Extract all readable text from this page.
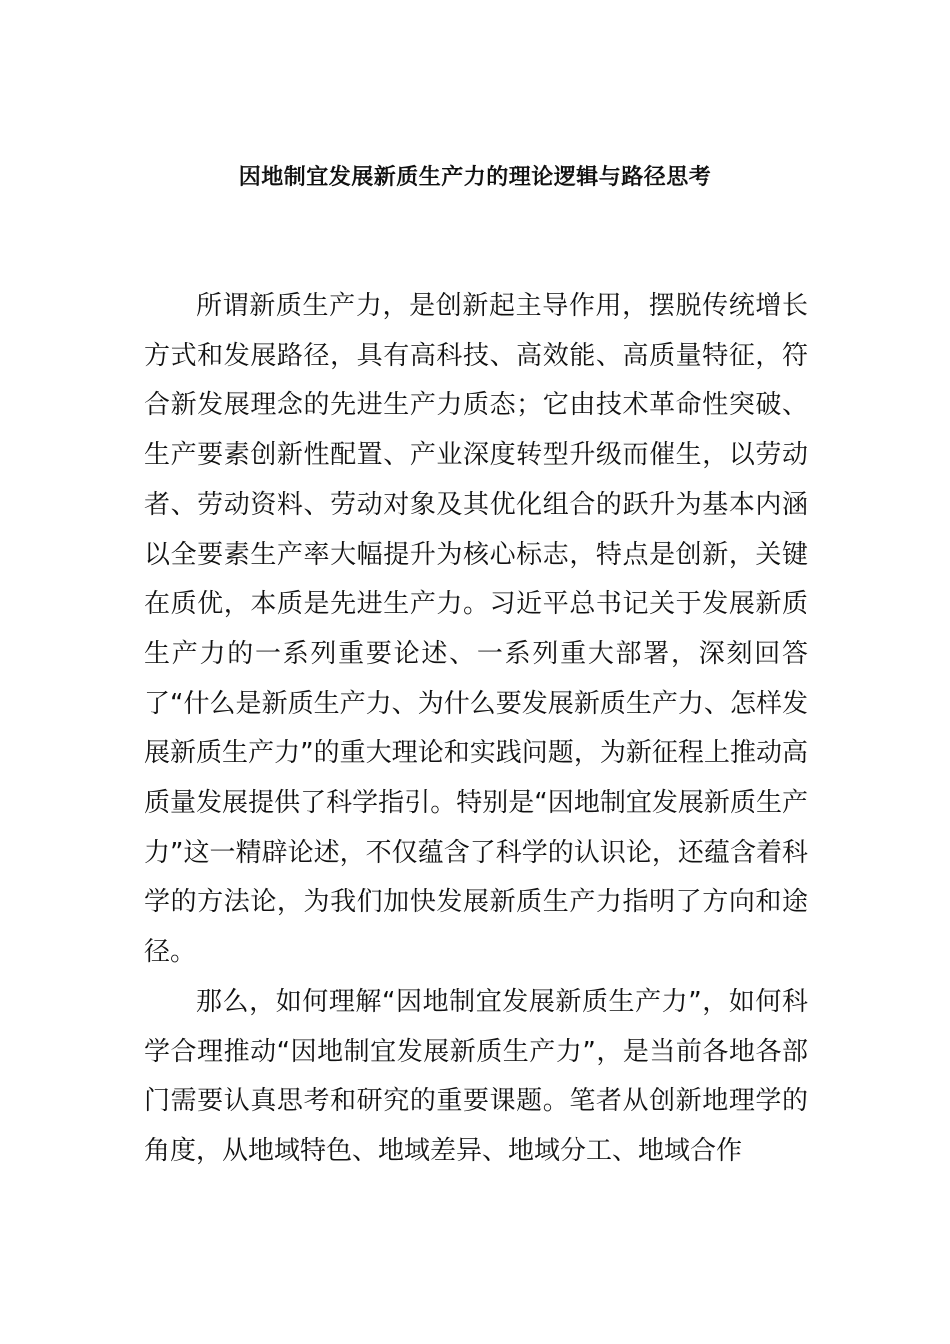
因地制宜发展新质生产力的理论逻辑与路径思考

所谓新质生产力，是创新起主导作用，摆脱传统增长方式和发展路径，具有高科技、高效能、高质量特征，符合新发展理念的先进生产力质态；它由技术革命性突破、生产要素创新性配置、产业深度转型升级而催生，以劳动者、劳动资料、劳动对象及其优化组合的跃升为基本内涵以全要素生产率大幅提升为核心标志，特点是创新，关键在质优，本质是先进生产力。习近平总书记关于发展新质生产力的一系列重要论述、一系列重大部署，深刻回答了“什么是新质生产力、为什么要发展新质生产力、怎样发展新质生产力”的重大理论和实践问题，为新征程上推动高质量发展提供了科学指引。特别是“因地制宜发展新质生产力”这一精辟论述，不仅蕴含了科学的认识论，还蕴含着科学的方法论，为我们加快发展新质生产力指明了方向和途径。

那么，如何理解“因地制宜发展新质生产力”，如何科学合理推动“因地制宜发展新质生产力”，是当前各地各部门需要认真思考和研究的重要课题。笔者从创新地理学的角度，从地域特色、地域差异、地域分工、地域合作
